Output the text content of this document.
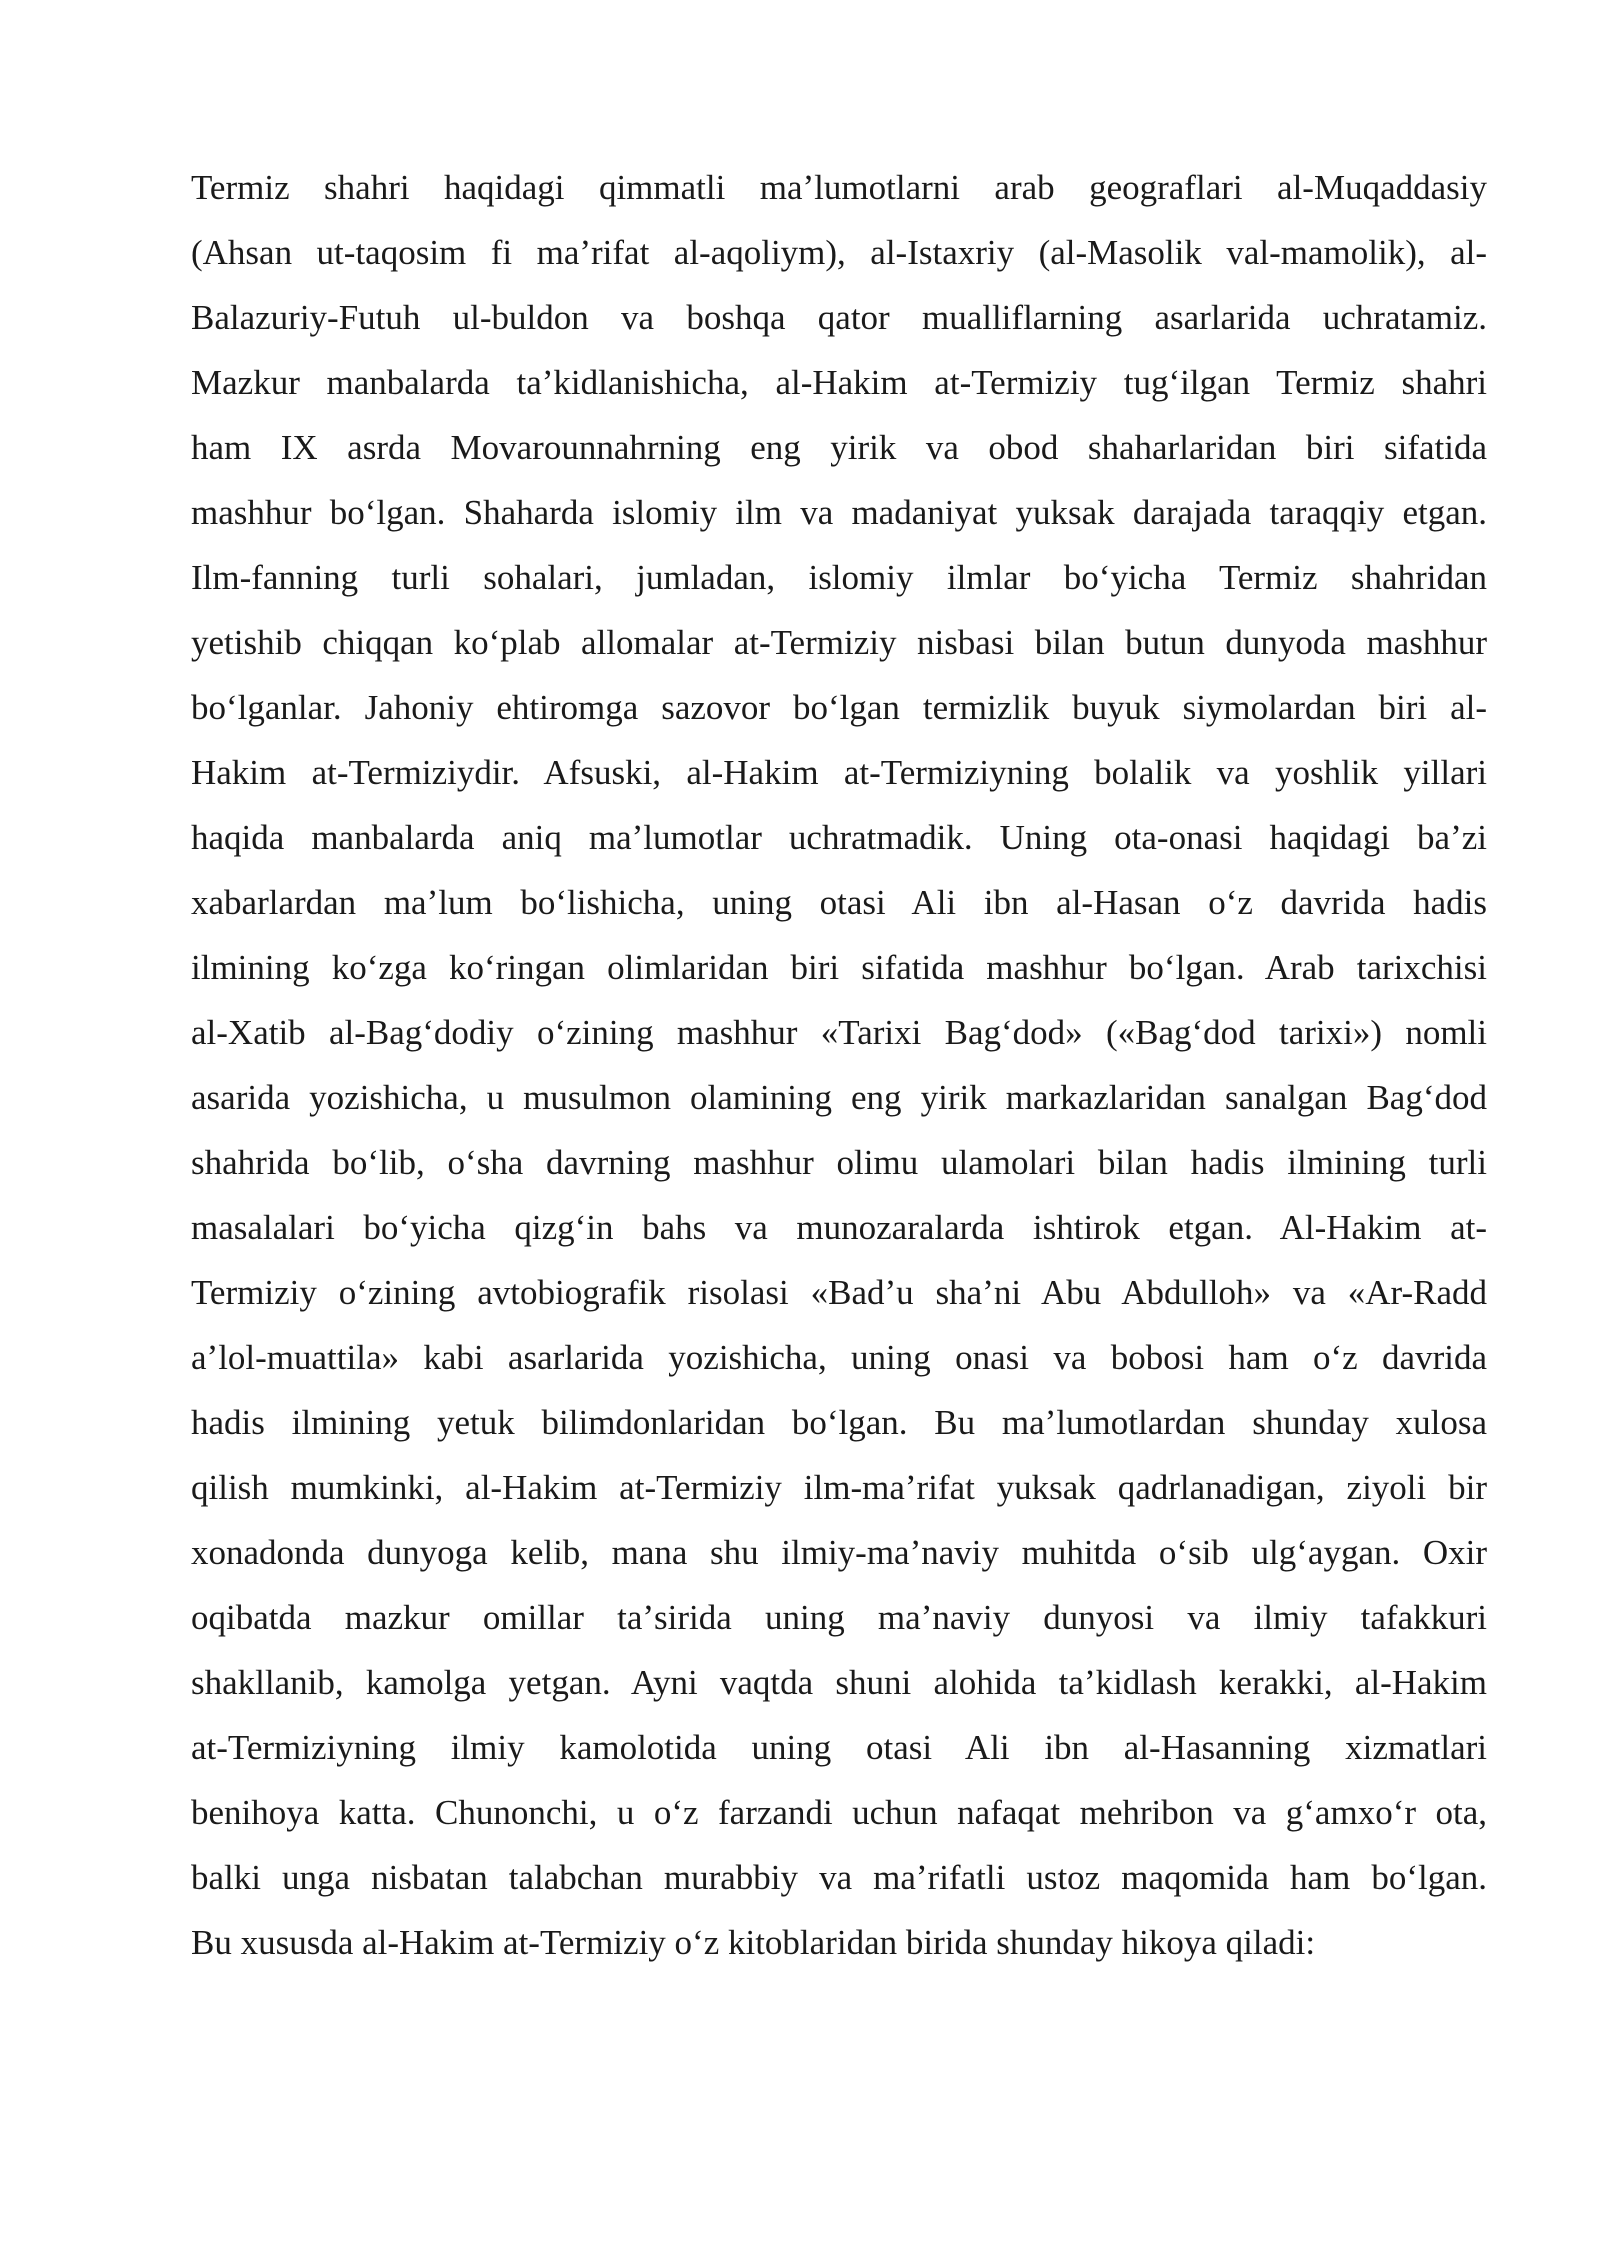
Termiz shahri haqidagi qimmatli maʼlumotlarni arab geograflari al-Muqaddasiy
(Ahsan ut-taqosim fi maʼrifat al-aqoliym), al-Istaxriy (al-Masolik val-mamolik), al-
Balazuriy-Futuh ul-buldon va boshqa qator mualliflarning asarlarida uchratamiz.
Mazkur manbalarda taʼkidlanishicha, al-Hakim at-Termiziy tugʻilgan Termiz shahri
ham IX asrda Movarounnahrning eng yirik va obod shaharlaridan biri sifatida
mashhur boʻlgan. Shaharda islomiy ilm va madaniyat yuksak darajada taraqqiy etgan.
Ilm-fanning turli sohalari, jumladan, islomiy ilmlar boʻyicha Termiz shahridan
yetishib chiqqan koʻplab allomalar at-Termiziy nisbasi bilan butun dunyoda mashhur
boʻlganlar. Jahoniy ehtiromga sazovor boʻlgan termizlik buyuk siymolardan biri al-
Hakim at-Termiziydir. Afsuski, al-Hakim at-Termiziyning bolalik va yoshlik yillari
haqida manbalarda aniq maʼlumotlar uchratmadik. Uning ota-onasi haqidagi baʼzi
xabarlardan maʼlum boʻlishicha, uning otasi Ali ibn al-Hasan oʻz davrida hadis
ilmining koʻzga koʻringan olimlaridan biri sifatida mashhur boʻlgan. Arab tarixchisi
al-Xatib al-Bagʻdodiy oʻzining mashhur «Tarixi Bagʻdod» («Bagʻdod tarixi») nomli
asarida yozishicha, u musulmon olamining eng yirik markazlaridan sanalgan Bagʻdod
shahrida boʻlib, oʻsha davrning mashhur olimu ulamolari bilan hadis ilmining turli
masalalari boʻyicha qizgʻin bahs va munozaralarda ishtirok etgan. Al-Hakim at-
Termiziy oʻzining avtobiografik risolasi «Badʼu shaʼni Abu Abdulloh» va «Ar-Radd
aʼlol-muattila» kabi asarlarida yozishicha, uning onasi va bobosi ham oʻz davrida
hadis ilmining yetuk bilimdonlaridan boʻlgan. Bu maʼlumotlardan shunday xulosa
qilish mumkinki, al-Hakim at-Termiziy ilm-maʼrifat yuksak qadrlanadigan, ziyoli bir
xonadonda dunyoga kelib, mana shu ilmiy-maʼnaviy muhitda oʻsib ulgʻaygan. Oxir
oqibatda mazkur omillar taʼsirida uning maʼnaviy dunyosi va ilmiy tafakkuri
shakllanib, kamolga yetgan. Ayni vaqtda shuni alohida taʼkidlash kerakki, al-Hakim
at-Termiziyning ilmiy kamolotida uning otasi Ali ibn al-Hasanning xizmatlari
benihoya katta. Chunonchi, u oʻz farzandi uchun nafaqat mehribon va gʻamxoʻr ota,
balki unga nisbatan talabchan murabbiy va maʼrifatli ustoz maqomida ham boʻlgan.
Bu xususda al-Hakim at-Termiziy oʻz kitoblaridan birida shunday hikoya qiladi:
